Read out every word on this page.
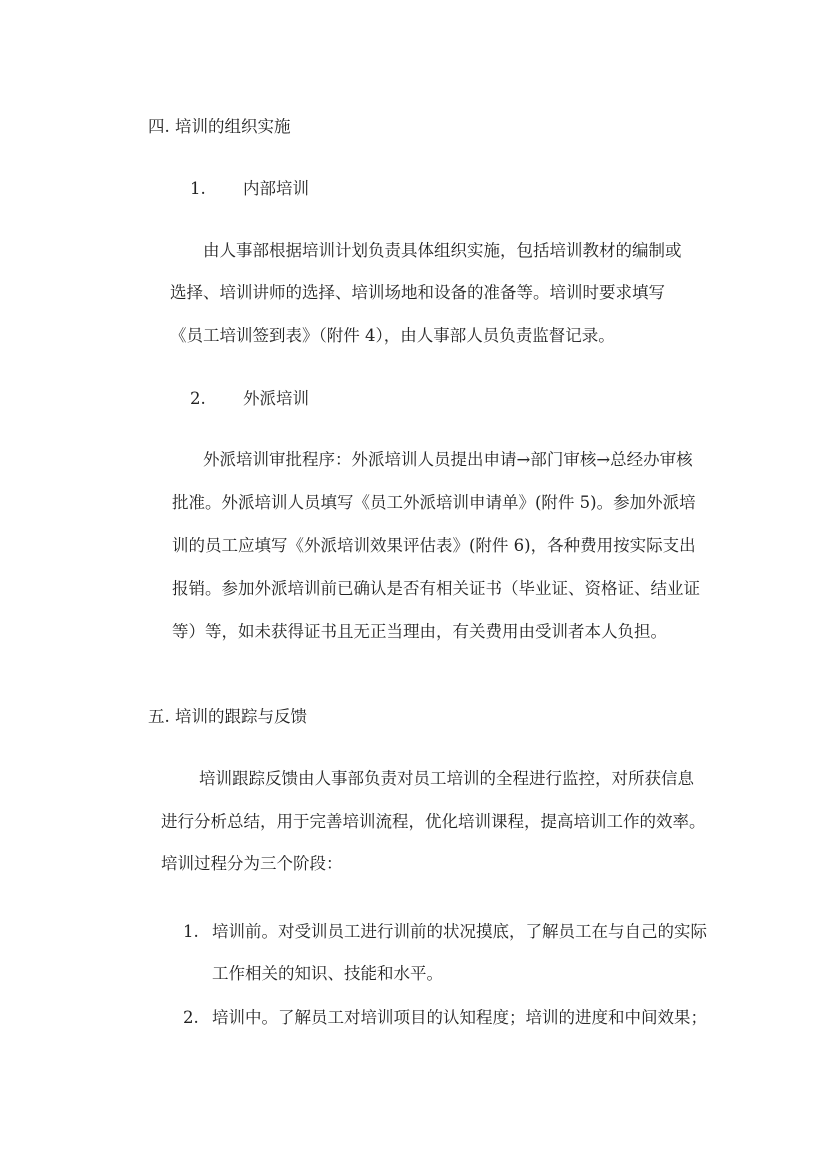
四. 培训的组织实施
1. 内部培训
由人事部根据培训计划负责具体组织实施，包括培训教材的编制或
选择、培训讲师的选择、培训场地和设备的准备等。培训时要求填写
《员工培训签到表》（附件 4），由人事部人员负责监督记录。
2. 外派培训
外派培训审批程序：外派培训人员提出申请→部门审核→总经办审核
批准。外派培训人员填写《员工外派培训申请单》(附件 5)。参加外派培
训的员工应填写《外派培训效果评估表》(附件 6)，各种费用按实际支出
报销。参加外派培训前已确认是否有相关证书（毕业证、资格证、结业证
等）等，如未获得证书且无正当理由，有关费用由受训者本人负担。
五. 培训的跟踪与反馈
培训跟踪反馈由人事部负责对员工培训的全程进行监控，对所获信息
进行分析总结，用于完善培训流程，优化培训课程，提高培训工作的效率。
培训过程分为三个阶段：
1. 培训前。对受训员工进行训前的状况摸底，了解员工在与自己的实际
工作相关的知识、技能和水平。
2. 培训中。了解员工对培训项目的认知程度；培训的进度和中间效果；
